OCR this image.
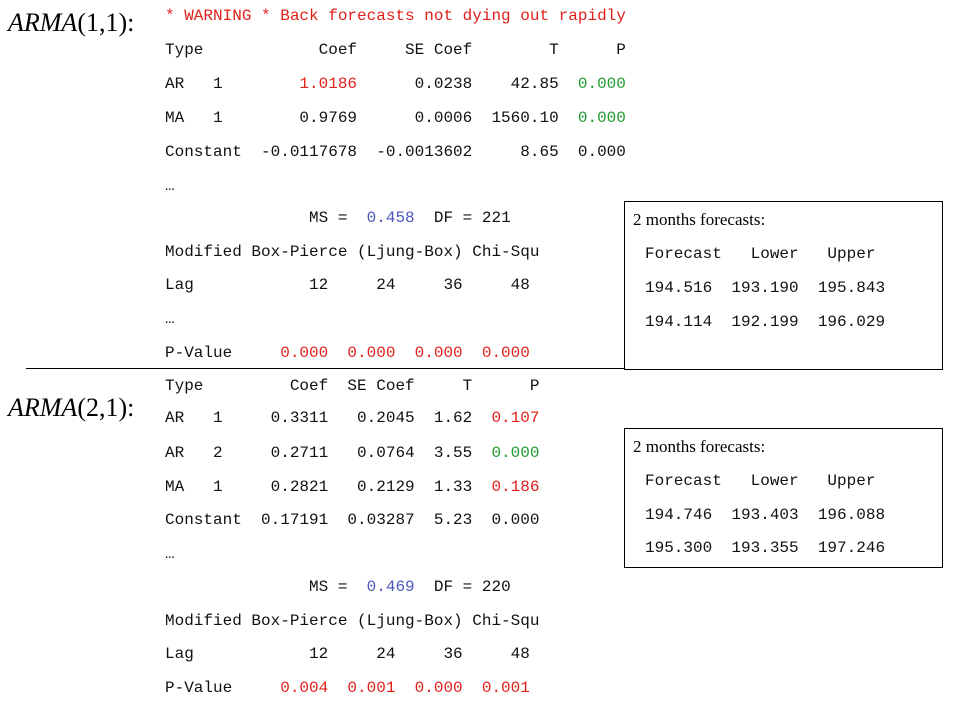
ARMA(1,1): * WARNING * Back forecasts not dying out rapidly
Type            Coef     SE Coef        T      P
AR   1        1.0186      0.0238    42.85  0.000
MA   1        0.9769      0.0006  1560.10  0.000
Constant  -0.0117678  -0.0013602     8.65  0.000
…
MS =  0.458  DF = 221
Modified Box-Pierce (Ljung-Box) Chi-Squ
Lag            12     24     36     48
…
P-Value     0.000  0.000  0.000  0.000
ARMA(2,1):
Type         Coef  SE Coef     T      P
AR   1     0.3311   0.2045  1.62  0.107
AR   2     0.2711   0.0764  3.55  0.000
MA   1     0.2821   0.2129  1.33  0.186
Constant  0.17191  0.03287  5.23  0.000
…
MS =  0.469  DF = 220
Modified Box-Pierce (Ljung-Box) Chi-Squ
Lag            12     24     36     48
P-Value     0.004  0.001  0.000  0.001
2 months forecasts:
Forecast   Lower   Upper
194.516  193.190  195.843
194.114  192.199  196.029
2 months forecasts:
Forecast   Lower   Upper
194.746  193.403  196.088
195.300  193.355  197.246
